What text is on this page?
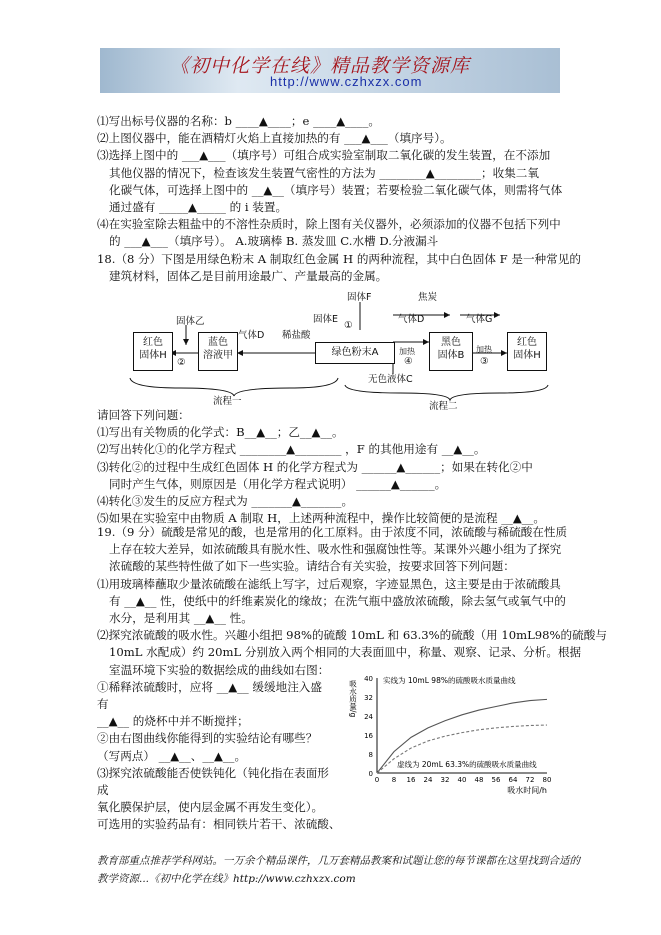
《初中化学在线》精品教学资源库
http://www.czhxzx.com
⑴写出标号仪器的名称：b ____▲____；e ____▲____。
⑵上图仪器中，能在酒精灯火焰上直接加热的有 ___▲___（填序号）。
⑶选择上图中的 ___▲___（填序号）可组合成实验室制取二氧化碳的发生装置，在不添加
其他仪器的情况下，检查该发生装置气密性的方法为 ________▲________；收集二氧
化碳气体，可选择上图中的 __▲__（填序号）装置；若要检验二氧化碳气体，则需将气体
通过盛有 _____▲_____ 的 i 装置。
⑷在实验室除去粗盐中的不溶性杂质时，除上图有关仪器外，必须添加的仪器不包括下列中
的 ___▲___（填序号）。 A.玻璃棒 B. 蒸发皿 C.水槽 D.分液漏斗
18.（8 分）下图是用绿色粉末 A 制取红色金属 H 的两种流程，其中白色固体 F 是一种常见的
建筑材料，固体乙是目前用途最广、产量最高的金属。
红色
固体H
蓝色
溶液甲	绿色粉末A
黑色
固体B
红色
固体H
固体乙
②
气体D 稀盐酸
固体F	焦炭
固体E
①
气体D	气体G
加热
④
加热
③
无色液体C
流程一	流程二
请回答下列问题：
⑴写出有关物质的化学式：B__▲__；乙__▲__。
⑵写出转化①的化学方程式 ________▲________ ，F 的其他用途有 __▲__。
⑶转化②的过程中生成红色固体 H 的化学方程式为 ______▲______；如果在转化②中
同时产生气体，则原因是（用化学方程式说明） ______▲______。
⑷转化③发生的反应方程式为 _______▲_______。
⑸如果在实验室中由物质 A 制取 H，上述两种流程中，操作比较简便的是流程 __▲__。
19.（9 分）硫酸是常见的酸，也是常用的化工原料。由于浓度不同，浓硫酸与稀硫酸在性质
上存在较大差异，如浓硫酸具有脱水性、吸水性和强腐蚀性等。某课外兴趣小组为了探究
浓硫酸的某些特性做了如下一些实验。请结合有关实验，按要求回答下列问题：
⑴用玻璃棒蘸取少量浓硫酸在滤纸上写字，过后观察，字迹显黑色，这主要是由于浓硫酸具
有 __▲__ 性，使纸中的纤维素炭化的缘故；在洗气瓶中盛放浓硫酸，除去氢气或氧气中的
水分，是利用其 __▲__ 性。
⑵探究浓硫酸的吸水性。兴趣小组把 98%的硫酸 10mL 和 63.3%的硫酸（用 10mL98%的硫酸与
10mL 水配成）约 20mL 分别放入两个相同的大表面皿中，称量、观察、记录、分析。根据
室温环境下实验的数据绘成的曲线如右图：
①稀释浓硫酸时，应将 __▲__ 缓缓地注入盛
有
__▲__ 的烧杯中并不断搅拌；
②由右图曲线你能得到的实验结论有哪些？
（写两点） __▲__、__▲__。
⑶探究浓硫酸能否使铁钝化（钝化指在表面形
成
氧化膜保护层，使内层金属不再发生变化）。
可选用的实验药品有：相同铁片若干、浓硫酸、
0
8
16
24
32
40
0 8 16 24 32 40 48 56 64 72 80
吸水时间/h
吸水质量/g	实线为 10mL 98%的硫酸吸水质量曲线
虚线为 20mL 63.3%的硫酸吸水质量曲线
教育部重点推荐学科网站。一万余个精品课件，几万套精品教案和试题让您的每节课都在这里找到合适的
教学资源...《初中化学在线》http://www.czhxzx.com
